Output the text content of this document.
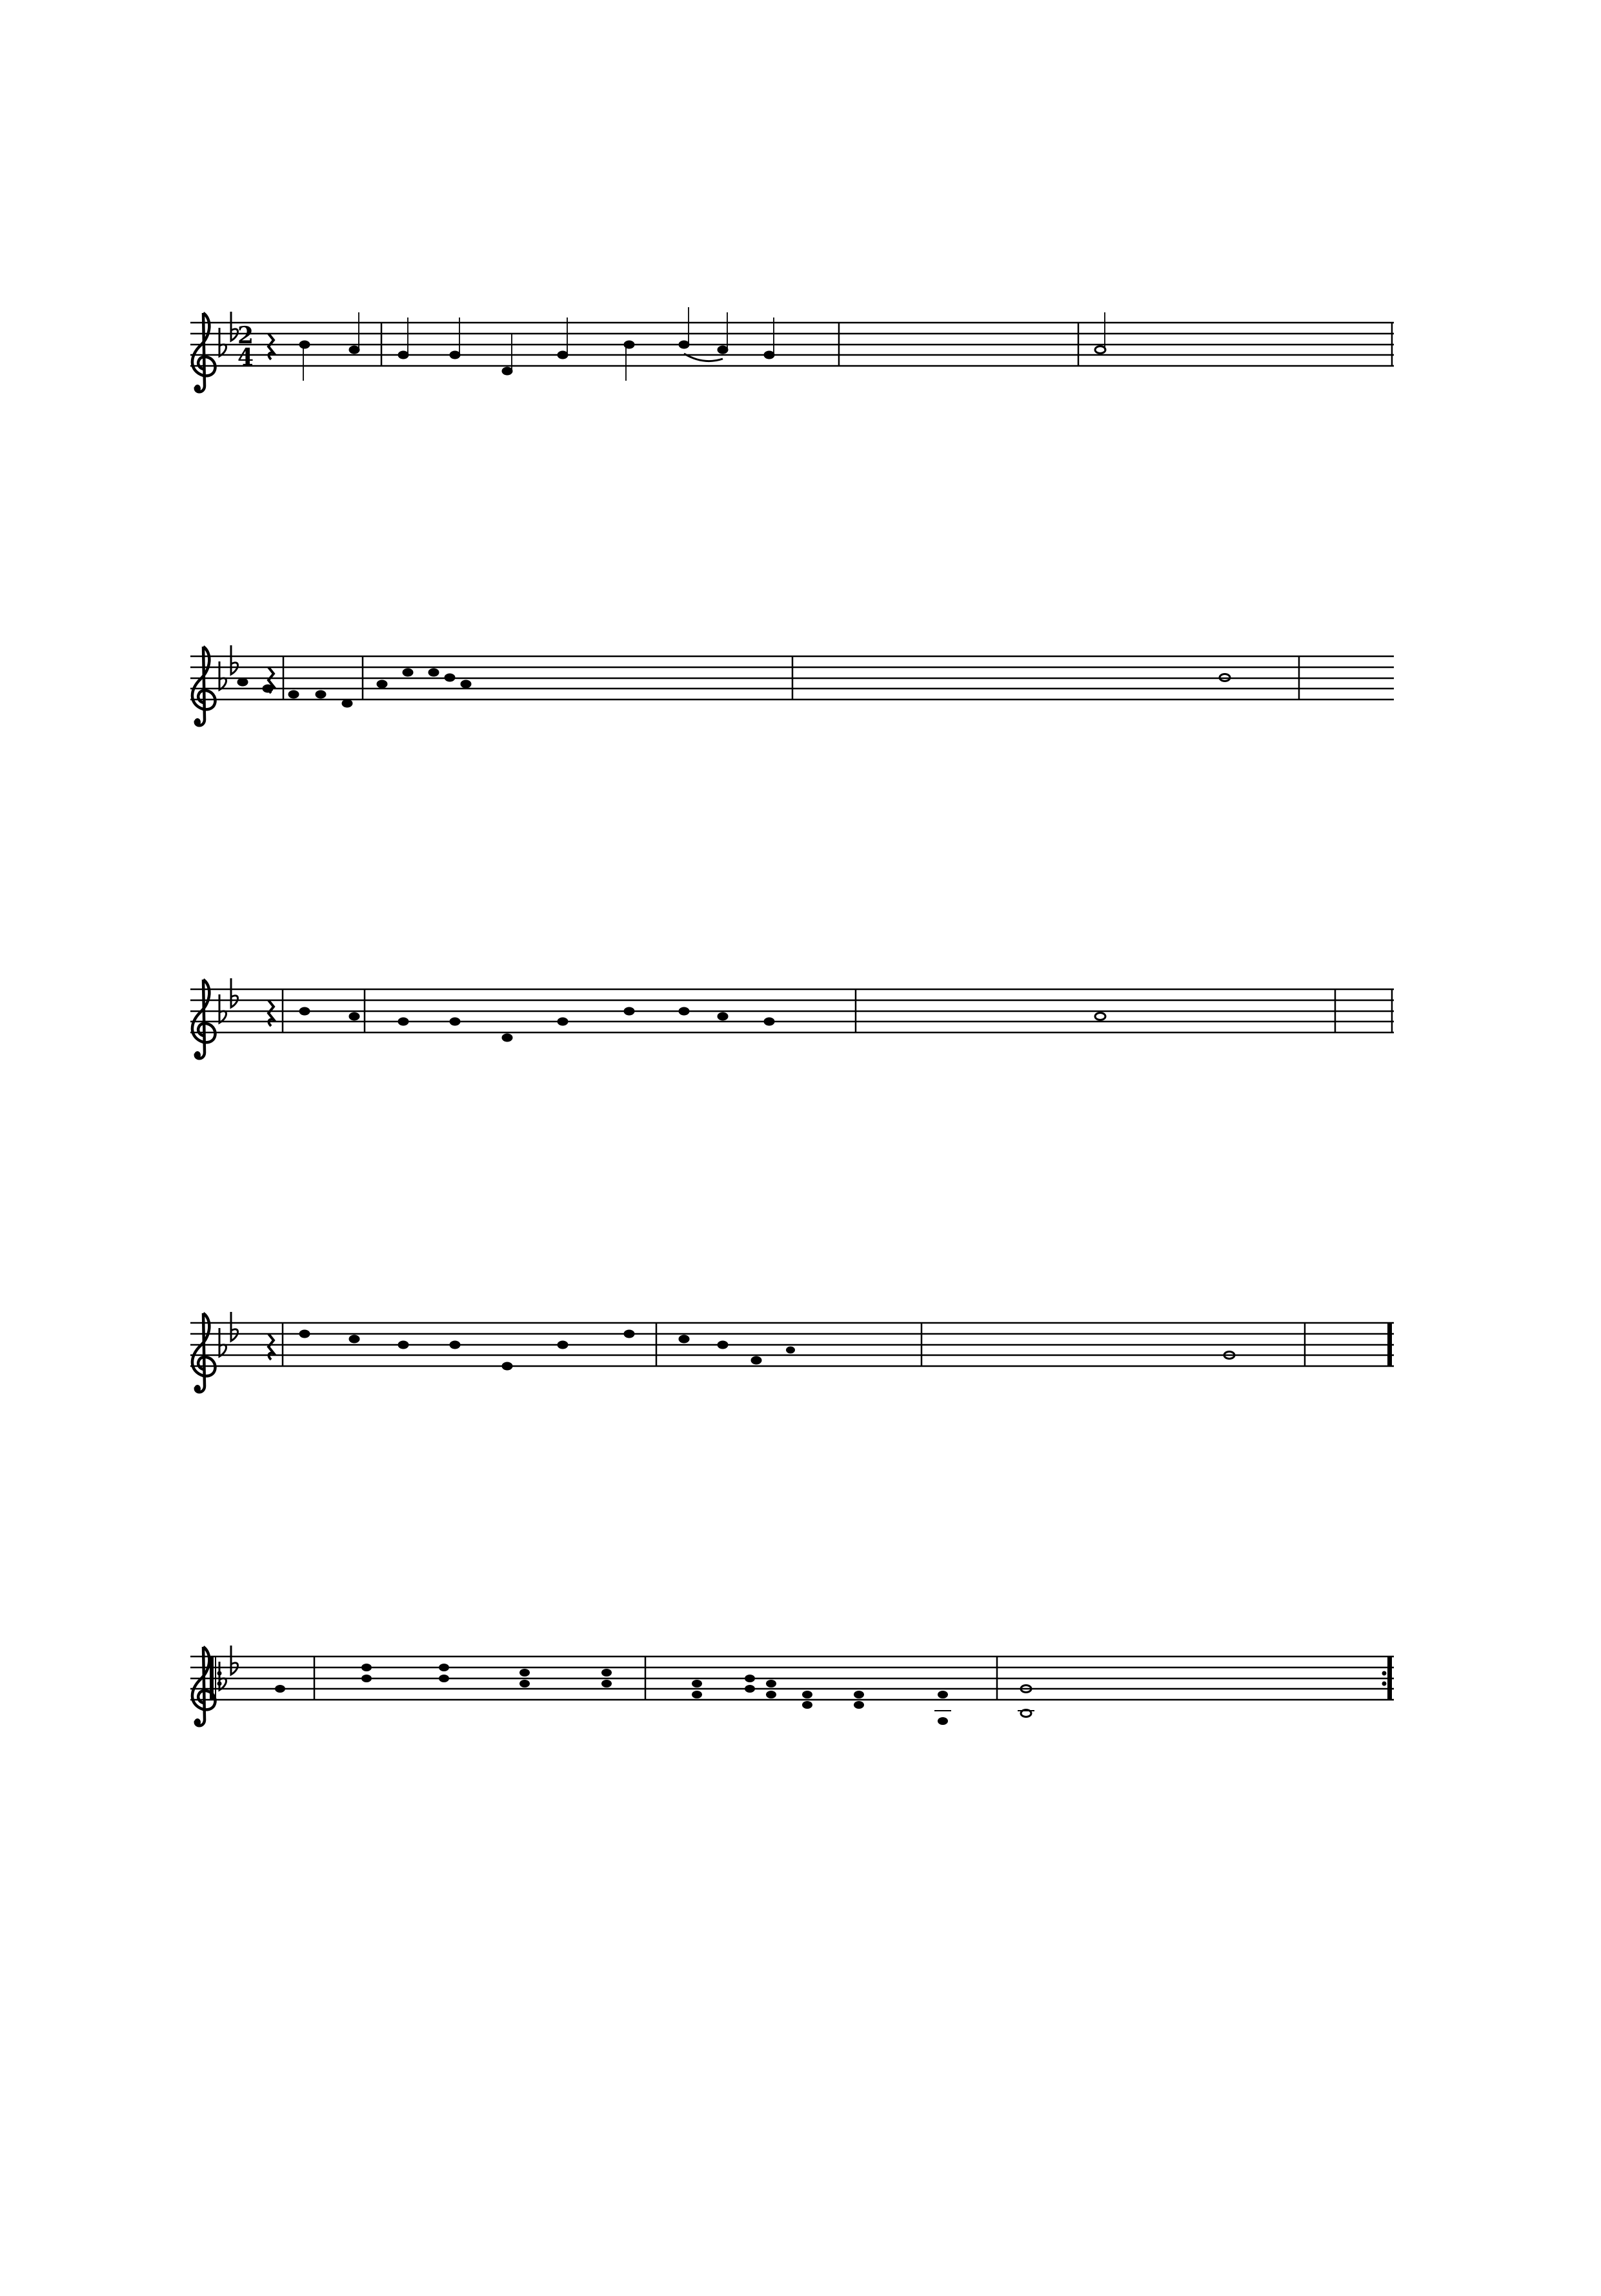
2
4
